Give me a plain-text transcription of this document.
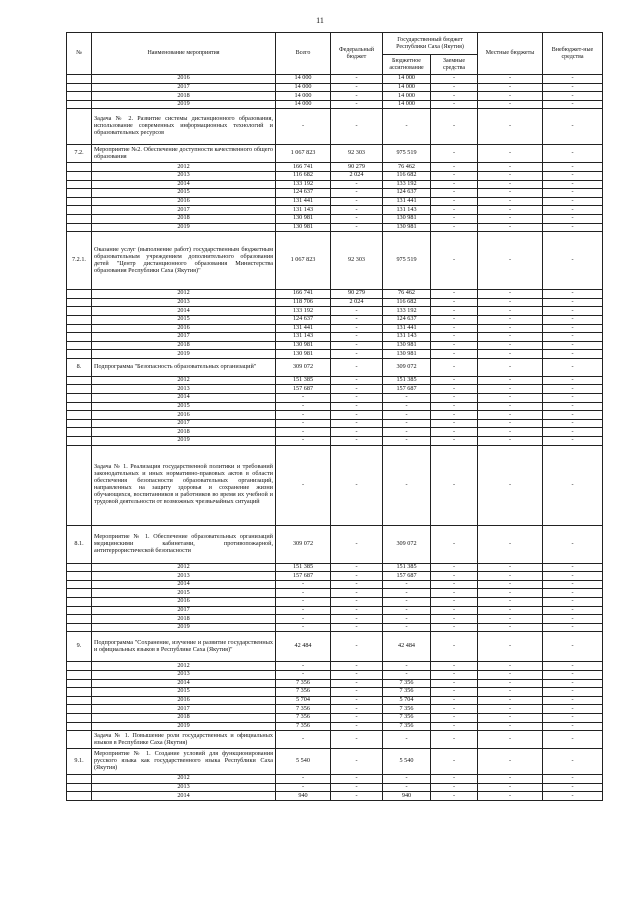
11
№	Наименование мероприятия	Всего	Федеральный бюджет	Государственный бюджет Республики Саха (Якутия)		Местные бюджеты	Внебюджет-ные средства
				Бюджетное ассигнование	Заемные средства		
	2016	14 000	-	14 000	-	-	-
	2017	14 000	-	14 000	-	-	-
	2018	14 000	-	14 000	-	-	-
	2019	14 000	-	14 000	-	-	-
	Задача № 2. Развитие системы дистанционного образования, использование современных информационных технологий и образовательных ресурсов	-	-	-	-	-	-
7.2.	Мероприятие №2. Обеспечение доступности качественного общего образования	1 067 823	92 303	975 519	-	-	-
	2012	166 741	90 279	76 462	-	-	-
	2013	116 682	2 024	116 682	-	-	-
	2014	133 192	-	133 192	-	-	-
	2015	124 637	-	124 637	-	-	-
	2016	131 441	-	131 441	-	-	-
	2017	131 143	-	131 143	-	-	-
	2018	130 981	-	130 981	-	-	-
	2019	130 981	-	130 981	-	-	-
7.2.1.	Оказание услуг (выполнение работ) государственным бюджетным образовательным учреждением дополнительного образования детей "Центр дистанционного образования Министерства образования Республики Саха (Якутия)"	1 067 823	92 303	975 519	-	-	-
	2012	166 741	90 279	76 462	-	-	-
	2013	118 706	2 024	116 682	-	-	-
	2014	133 192	-	133 192	-	-	-
	2015	124 637	-	124 637	-	-	-
	2016	131 441	-	131 441	-	-	-
	2017	131 143	-	131 143	-	-	-
	2018	130 981	-	130 981	-	-	-
	2019	130 981	-	130 981	-	-	-
8.	Подпрограмма "Безопасность образовательных организаций"	309 072	-	309 072	-	-	-
	2012	151 385	-	151 385	-	-	-
	2013	157 687	-	157 687	-	-	-
	2014	-	-	-	-	-	-
	2015	-	-	-	-	-	-
	2016	-	-	-	-	-	-
	2017	-	-	-	-	-	-
	2018	-	-	-	-	-	-
	2019	-	-	-	-	-	-
	Задача № 1. Реализация государственной политики и требований законодательных и иных нормативно-правовых актов в области обеспечения безопасности образовательных организаций, направленных на защиту здоровья и сохранение жизни обучающихся, воспитанников и работников во время их учебной и трудовой деятельности от возможных чрезвычайных ситуаций	-	-	-	-	-	-
8.1.	Мероприятие № 1. Обеспечение образовательных организаций медицинскими кабинетами, противопожарной, антитеррористической безопасности	309 072	-	309 072	-	-	-
	2012	151 385	-	151 385	-	-	-
	2013	157 687	-	157 687	-	-	-
	2014	-	-	-	-	-	-
	2015	-	-	-	-	-	-
	2016	-	-	-	-	-	-
	2017	-	-	-	-	-	-
	2018	-	-	-	-	-	-
	2019	-	-	-	-	-	-
9.	Подпрограмма "Сохранение, изучение и развитие государственных и официальных языков в Республике Саха (Якутия)"	42 484	-	42 484	-	-	-
	2012	-	-	-	-	-	-
	2013	-	-	-	-	-	-
	2014	7 356	-	7 356	-	-	-
	2015	7 356	-	7 356	-	-	-
	2016	5 704	-	5 704	-	-	-
	2017	7 356	-	7 356	-	-	-
	2018	7 356	-	7 356	-	-	-
	2019	7 356	-	7 356	-	-	-
	Задача № 1. Повышение роли государственных и официальных языков в Республике Саха (Якутия)	-	-	-	-	-	-
9.1.	Мероприятие № 1. Создание условий для функционирования русского языка как государственного языка Республики Саха (Якутия)	5 540	-	5 540	-	-	-
	2012	-	-	-	-	-	-
	2013	-	-	-	-	-	-
	2014	940	-	940	-	-	-
